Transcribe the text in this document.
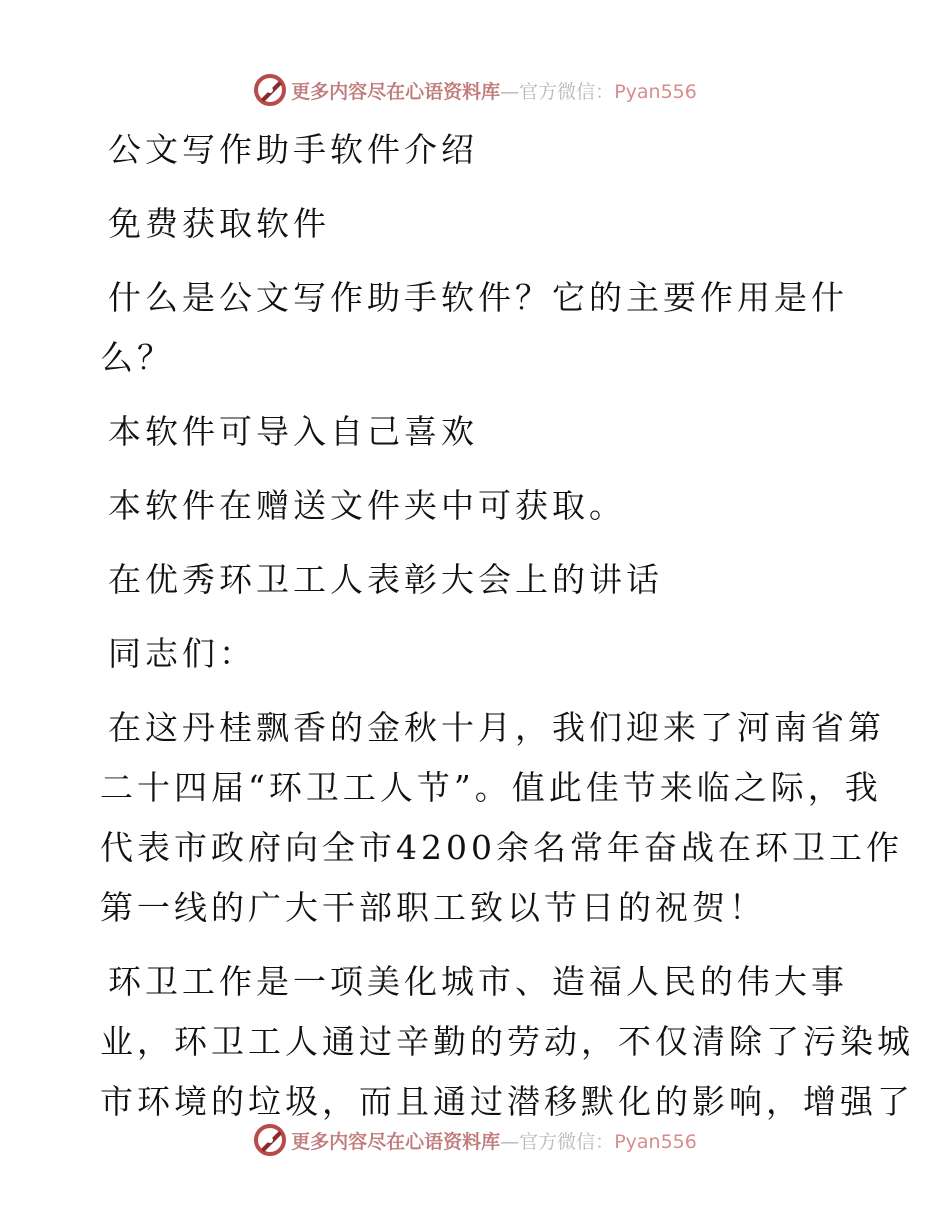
更多内容尽在心语资料库—官方微信：Pyan556
公文写作助手软件介绍
免费获取软件
什么是公文写作助手软件？它的主要作用是什
么？
本软件可导入自己喜欢
本软件在赠送文件夹中可获取。
在优秀环卫工人表彰大会上的讲话
同志们：
在这丹桂飘香的金秋十月，我们迎来了河南省第
二十四届“环卫工人节”。值此佳节来临之际，我
代表市政府向全市4200余名常年奋战在环卫工作
第一线的广大干部职工致以节日的祝贺！
环卫工作是一项美化城市、造福人民的伟大事
业，环卫工人通过辛勤的劳动，不仅清除了污染城
市环境的垃圾，而且通过潜移默化的影响，增强了
更多内容尽在心语资料库—官方微信：Pyan556
